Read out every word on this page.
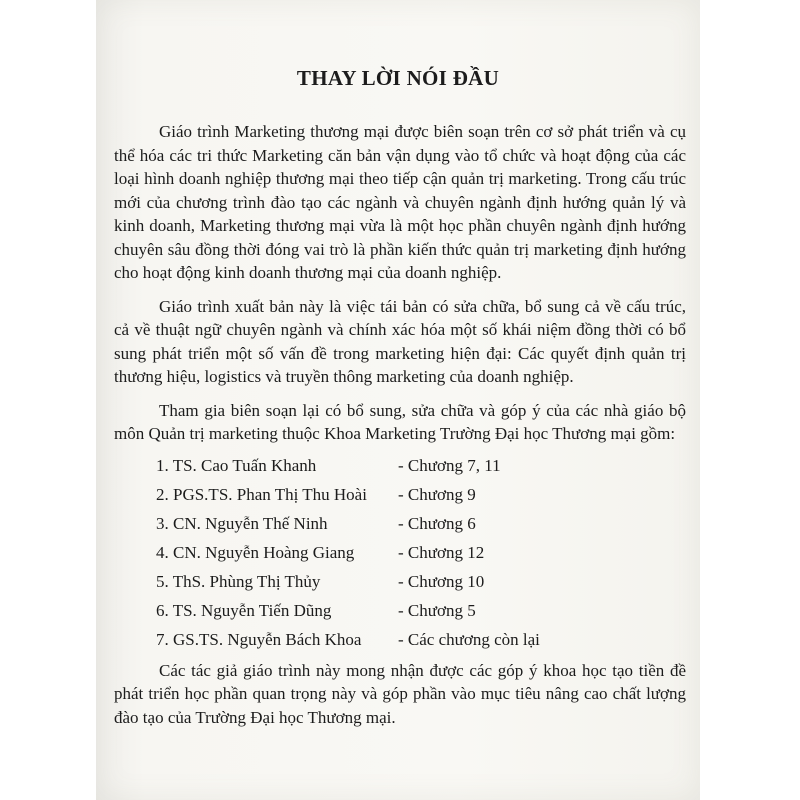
THAY LỜI NÓI ĐẦU

Giáo trình Marketing thương mại được biên soạn trên cơ sở phát triển và cụ thể hóa các tri thức Marketing căn bản vận dụng vào tổ chức và hoạt động của các loại hình doanh nghiệp thương mại theo tiếp cận quản trị marketing. Trong cấu trúc mới của chương trình đào tạo các ngành và chuyên ngành định hướng quản lý và kinh doanh, Marketing thương mại vừa là một học phần chuyên ngành định hướng chuyên sâu đồng thời đóng vai trò là phần kiến thức quản trị marketing định hướng cho hoạt động kinh doanh thương mại của doanh nghiệp.

Giáo trình xuất bản này là việc tái bản có sửa chữa, bổ sung cả về cấu trúc, cả về thuật ngữ chuyên ngành và chính xác hóa một số khái niệm đồng thời có bổ sung phát triển một số vấn đề trong marketing hiện đại: Các quyết định quản trị thương hiệu, logistics và truyền thông marketing của doanh nghiệp.

Tham gia biên soạn lại có bổ sung, sửa chữa và góp ý của các nhà giáo bộ môn Quản trị marketing thuộc Khoa Marketing Trường Đại học Thương mại gồm:

1. TS. Cao Tuấn Khanh	- Chương 7, 11
2. PGS.TS. Phan Thị Thu Hoài	- Chương 9
3. CN. Nguyễn Thế Ninh	- Chương 6
4. CN. Nguyễn Hoàng Giang	- Chương 12
5. ThS. Phùng Thị Thủy	- Chương 10
6. TS. Nguyễn Tiến Dũng	- Chương 5
7. GS.TS. Nguyễn Bách Khoa	- Các chương còn lại

Các tác giả giáo trình này mong nhận được các góp ý khoa học tạo tiền đề phát triển học phần quan trọng này và góp phần vào mục tiêu nâng cao chất lượng đào tạo của Trường Đại học Thương mại.
